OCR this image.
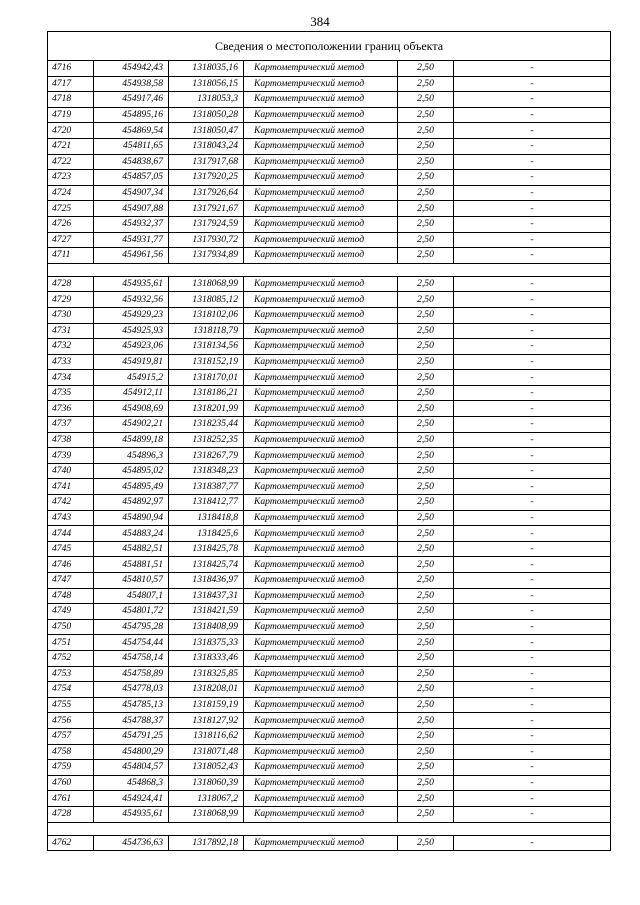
384
Сведения о местоположении границ объекта					
4716	454942,43	1318035,16	Картометрический метод	2,50	-
4717	454938,58	1318056,15	Картометрический метод	2,50	-
4718	454917,46	1318053,3	Картометрический метод	2,50	-
4719	454895,16	1318050,28	Картометрический метод	2,50	-
4720	454869,54	1318050,47	Картометрический метод	2,50	-
4721	454811,65	1318043,24	Картометрический метод	2,50	-
4722	454838,67	1317917,68	Картометрический метод	2,50	-
4723	454857,05	1317920,25	Картометрический метод	2,50	-
4724	454907,34	1317926,64	Картометрический метод	2,50	-
4725	454907,88	1317921,67	Картометрический метод	2,50	-
4726	454932,37	1317924,59	Картометрический метод	2,50	-
4727	454931,77	1317930,72	Картометрический метод	2,50	-
4711	454961,56	1317934,89	Картометрический метод	2,50	-

4728	454935,61	1318068,99	Картометрический метод	2,50	-
4729	454932,56	1318085,12	Картометрический метод	2,50	-
4730	454929,23	1318102,06	Картометрический метод	2,50	-
4731	454925,93	1318118,79	Картометрический метод	2,50	-
4732	454923,06	1318134,56	Картометрический метод	2,50	-
4733	454919,81	1318152,19	Картометрический метод	2,50	-
4734	454915,2	1318170,01	Картометрический метод	2,50	-
4735	454912,11	1318186,21	Картометрический метод	2,50	-
4736	454908,69	1318201,99	Картометрический метод	2,50	-
4737	454902,21	1318235,44	Картометрический метод	2,50	-
4738	454899,18	1318252,35	Картометрический метод	2,50	-
4739	454896,3	1318267,79	Картометрический метод	2,50	-
4740	454895,02	1318348,23	Картометрический метод	2,50	-
4741	454895,49	1318387,77	Картометрический метод	2,50	-
4742	454892,97	1318412,77	Картометрический метод	2,50	-
4743	454890,94	1318418,8	Картометрический метод	2,50	-
4744	454883,24	1318425,6	Картометрический метод	2,50	-
4745	454882,51	1318425,78	Картометрический метод	2,50	-
4746	454881,51	1318425,74	Картометрический метод	2,50	-
4747	454810,57	1318436,97	Картометрический метод	2,50	-
4748	454807,1	1318437,31	Картометрический метод	2,50	-
4749	454801,72	1318421,59	Картометрический метод	2,50	-
4750	454795,28	1318408,99	Картометрический метод	2,50	-
4751	454754,44	1318375,33	Картометрический метод	2,50	-
4752	454758,14	1318333,46	Картометрический метод	2,50	-
4753	454758,89	1318325,85	Картометрический метод	2,50	-
4754	454778,03	1318208,01	Картометрический метод	2,50	-
4755	454785,13	1318159,19	Картометрический метод	2,50	-
4756	454788,37	1318127,92	Картометрический метод	2,50	-
4757	454791,25	1318116,62	Картометрический метод	2,50	-
4758	454800,29	1318071,48	Картометрический метод	2,50	-
4759	454804,57	1318052,43	Картометрический метод	2,50	-
4760	454868,3	1318060,39	Картометрический метод	2,50	-
4761	454924,41	1318067,2	Картометрический метод	2,50	-
4728	454935,61	1318068,99	Картометрический метод	2,50	-

4762	454736,63	1317892,18	Картометрический метод	2,50	-
